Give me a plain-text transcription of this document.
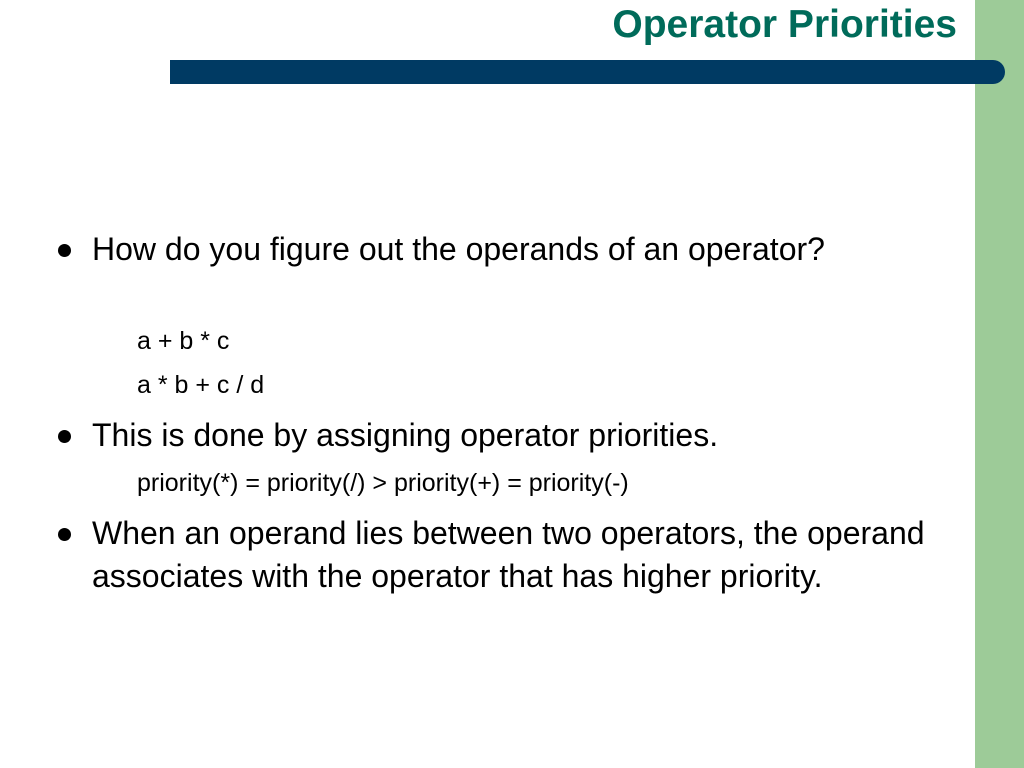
Operator Priorities
How do you figure out the operands of an operator?
a + b * c
a * b + c / d
This is done by assigning operator priorities.
priority(*) = priority(/) > priority(+) = priority(-)
When an operand lies between two operators, the operand associates with the operator that has higher priority.
